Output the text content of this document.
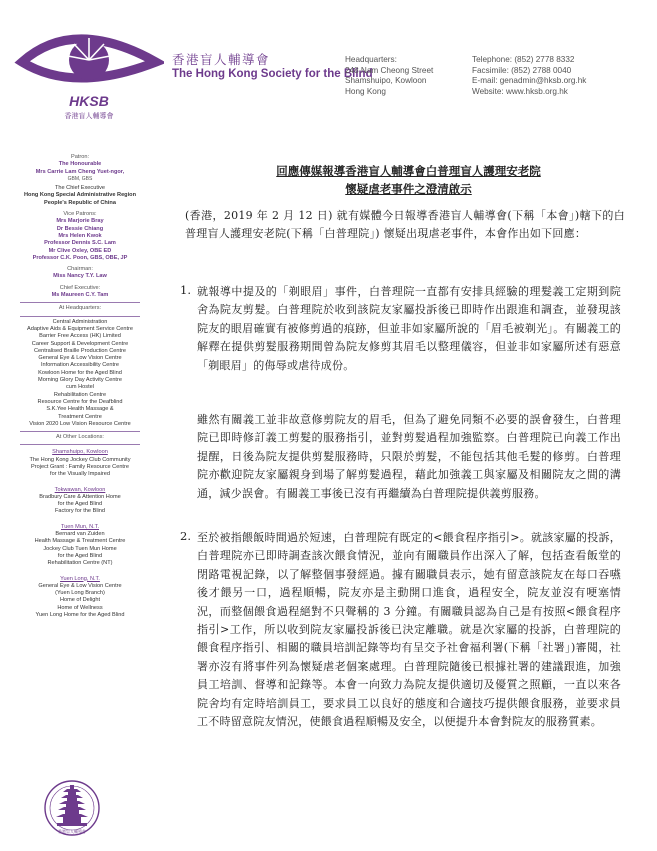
HKSB
香港盲人輔導會
香港盲人輔導會
The Hong Kong Society for the Blind
Headquarters:
248 Nam Cheong Street
Shamshuipo, Kowloon
Hong Kong
Telephone: (852) 2778 8332
Facsimile: (852) 2788 0040
E-mail: genadmin@hksb.org.hk
Website: www.hksb.org.hk
Patron:
The Honourable
Mrs Carrie Lam Cheng Yuet-ngor,
GBM, GBS
The Chief Executive
Hong Kong Special Administrative Region
People's Republic of China
Vice Patrons:
Mrs Marjorie Bray
Dr Bessie Chiang
Mrs Helen Kwok
Professor Dennis S.C. Lam
Mr Clive Oxley, OBE ED
Professor C.K. Poon, GBS, OBE, JP
Chairman:
Miss Nancy T.Y. Law
Chief Executive:
Ms Maureen C.Y. Tam
At Headquarters:
Central Administration
Adaptive Aids & Equipment Service Centre
Barrier Free Access (HK) Limited
Career Support & Development Centre
Centralised Braille Production Centre
General Eye & Low Vision Centre
Information Accessibility Centre
Kowloon Home for the Aged Blind
Morning Glory Day Activity Centre
cum Hostel
Rehabilitation Centre
Resource Centre for the Deafblind
S.K.Yee Health Massage &
Treatment Centre
Vision 2020 Low Vision Resource Centre
At Other Locations:
Shamshuipo, Kowloon
The Hong Kong Jockey Club Community
Project Grant : Family Resource Centre
for the Visually Impaired
Tokwawan, Kowloon
Bradbury Care & Attention Home
for the Aged Blind
Factory for the Blind
Tuen Mun, N.T.
Bernard van Zuiden
Health Massage & Treatment Centre
Jockey Club Tuen Mun Home
for the Aged Blind
Rehabilitation Centre (NT)
Yuen Long, N.T.
General Eye & Low Vision Centre
(Yuen Long Branch)
Home of Delight
Home of Wellness
Yuen Long Home for the Aged Blind
香港盲人輔導會
回應傳媒報導香港盲人輔導會白普理盲人護理安老院
懷疑虐老事件之澄清啟示
(香港，2019 年 2 月 12 日) 就有媒體今日報導香港盲人輔導會(下稱「本會」)轄下的白普理盲人護理安老院(下稱「白普理院」) 懷疑出現虐老事件，本會作出如下回應：
1. 就報導中提及的「剃眼眉」事件，白普理院一直都有安排具經驗的理髮義工定期到院舍為院友剪髮。白普理院於收到該院友家屬投訴後已即時作出跟進和調查，並發現該院友的眼眉確實有被修剪過的痕跡，但並非如家屬所說的「眉毛被剃光」。有關義工的解釋在提供剪髮服務期間曾為院友修剪其眉毛以整理儀容，但並非如家屬所述有惡意「剃眼眉」的侮辱或虐待成份。
雖然有關義工並非故意修剪院友的眉毛，但為了避免同類不必要的誤會發生，白普理院已即時修訂義工剪髮的服務指引，並對剪髮過程加強監察。白普理院已向義工作出提醒，日後為院友提供剪髮服務時，只限於剪髮，不能包括其他毛髮的修剪。白普理院亦歡迎院友家屬親身到場了解剪髮過程，藉此加強義工與家屬及相關院友之間的溝通，減少誤會。有關義工事後已沒有再繼續為白普理院提供義剪服務。
2. 至於被指餵飯時間過於短速，白普理院有既定的<餵食程序指引>。就該家屬的投訴，白普理院亦已即時調查該次餵食情況，並向有關職員作出深入了解，包括查看飯堂的閉路電視記錄，以了解整個事發經過。據有關職員表示，她有留意該院友在每口吞嚥後才餵另一口，過程順暢，院友亦是主動開口進食，過程安全，院友並沒有哽塞情況，而整個餵食過程絕對不只聲稱的 3 分鐘。有關職員認為自己是有按照<餵食程序指引>工作，所以收到院友家屬投訴後已決定離職。就是次家屬的投訴，白普理院的餵食程序指引、相關的職員培訓記錄等均有呈交予社會福利署(下稱「社署」)審閱，社署亦沒有將事件列為懷疑虐老個案處理。白普理院隨後已根據社署的建議跟進，加強員工培訓、督導和記錄等。本會一向致力為院友提供適切及優質之照顧，一直以來各院舍均有定時培訓員工，要求員工以良好的態度和合適技巧提供餵食服務，並要求員工不時留意院友情況，使餵食過程順暢及安全，以便提升本會對院友的服務質素。
